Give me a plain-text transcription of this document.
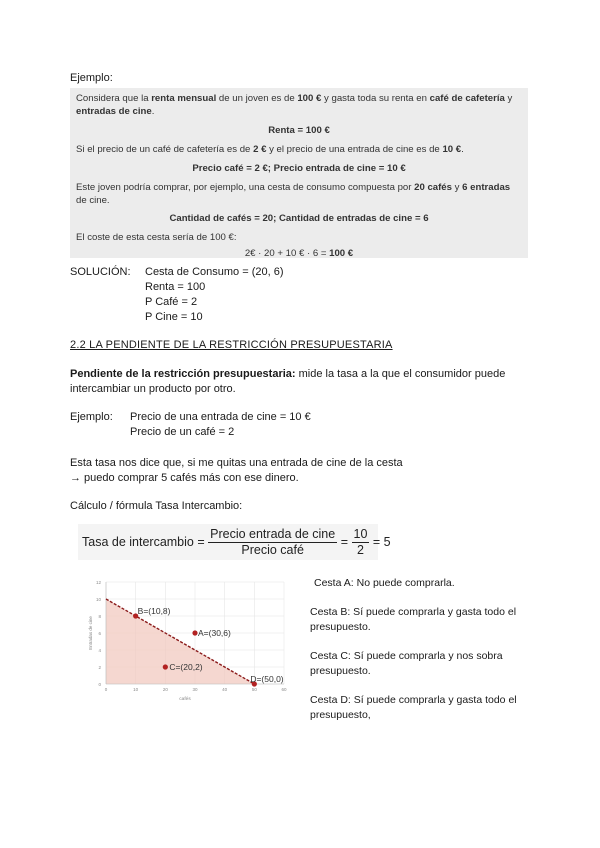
Ejemplo:
Considera que la renta mensual de un joven es de 100 € y gasta toda su renta en café de cafetería y
entradas de cine.
Renta = 100 €
Si el precio de un café de cafetería es de 2 € y el precio de una entrada de cine es de 10 €.
Precio café = 2 €; Precio entrada de cine = 10 €
Este joven podría comprar, por ejemplo, una cesta de consumo compuesta por 20 cafés y 6 entradas
de cine.
Cantidad de cafés = 20; Cantidad de entradas de cine = 6
El coste de esta cesta sería de 100 €:
2€ · 20 + 10 € · 6 = 100 €
SOLUCIÓN: Cesta de Consumo = (20, 6)
Renta = 100
P Café = 2
P Cine = 10
2.2 LA PENDIENTE DE LA RESTRICCIÓN PRESUPUESTARIA
Pendiente de la restricción presupuestaria: mide la tasa a la que el consumidor puede
intercambiar un producto por otro.
Ejemplo: Precio de una entrada de cine = 10 €
Precio de un café = 2
Esta tasa nos dice que, si me quitas una entrada de cine de la cesta
→ puedo comprar 5 cafés más con ese dinero.
Cálculo / fórmula Tasa Intercambio:
Tasa de intercambio = $\frac{\text{Precio entrada de cine}}{\text{Precio café}} = \frac{10}{2} = 5$
0
2
4
6
8
10
12
0	10	20	30	40	50	60
cafés
Entradas de cine	A=(30,6)
B=(10,8)
C=(20,2)
D=(50,0)
Cesta A: No puede comprarla.
Cesta B: Sí puede comprarla y gasta todo el presupuesto.
Cesta C: Sí puede comprarla y nos sobra presupuesto.
Cesta D: Sí puede comprarla y gasta todo el presupuesto,
